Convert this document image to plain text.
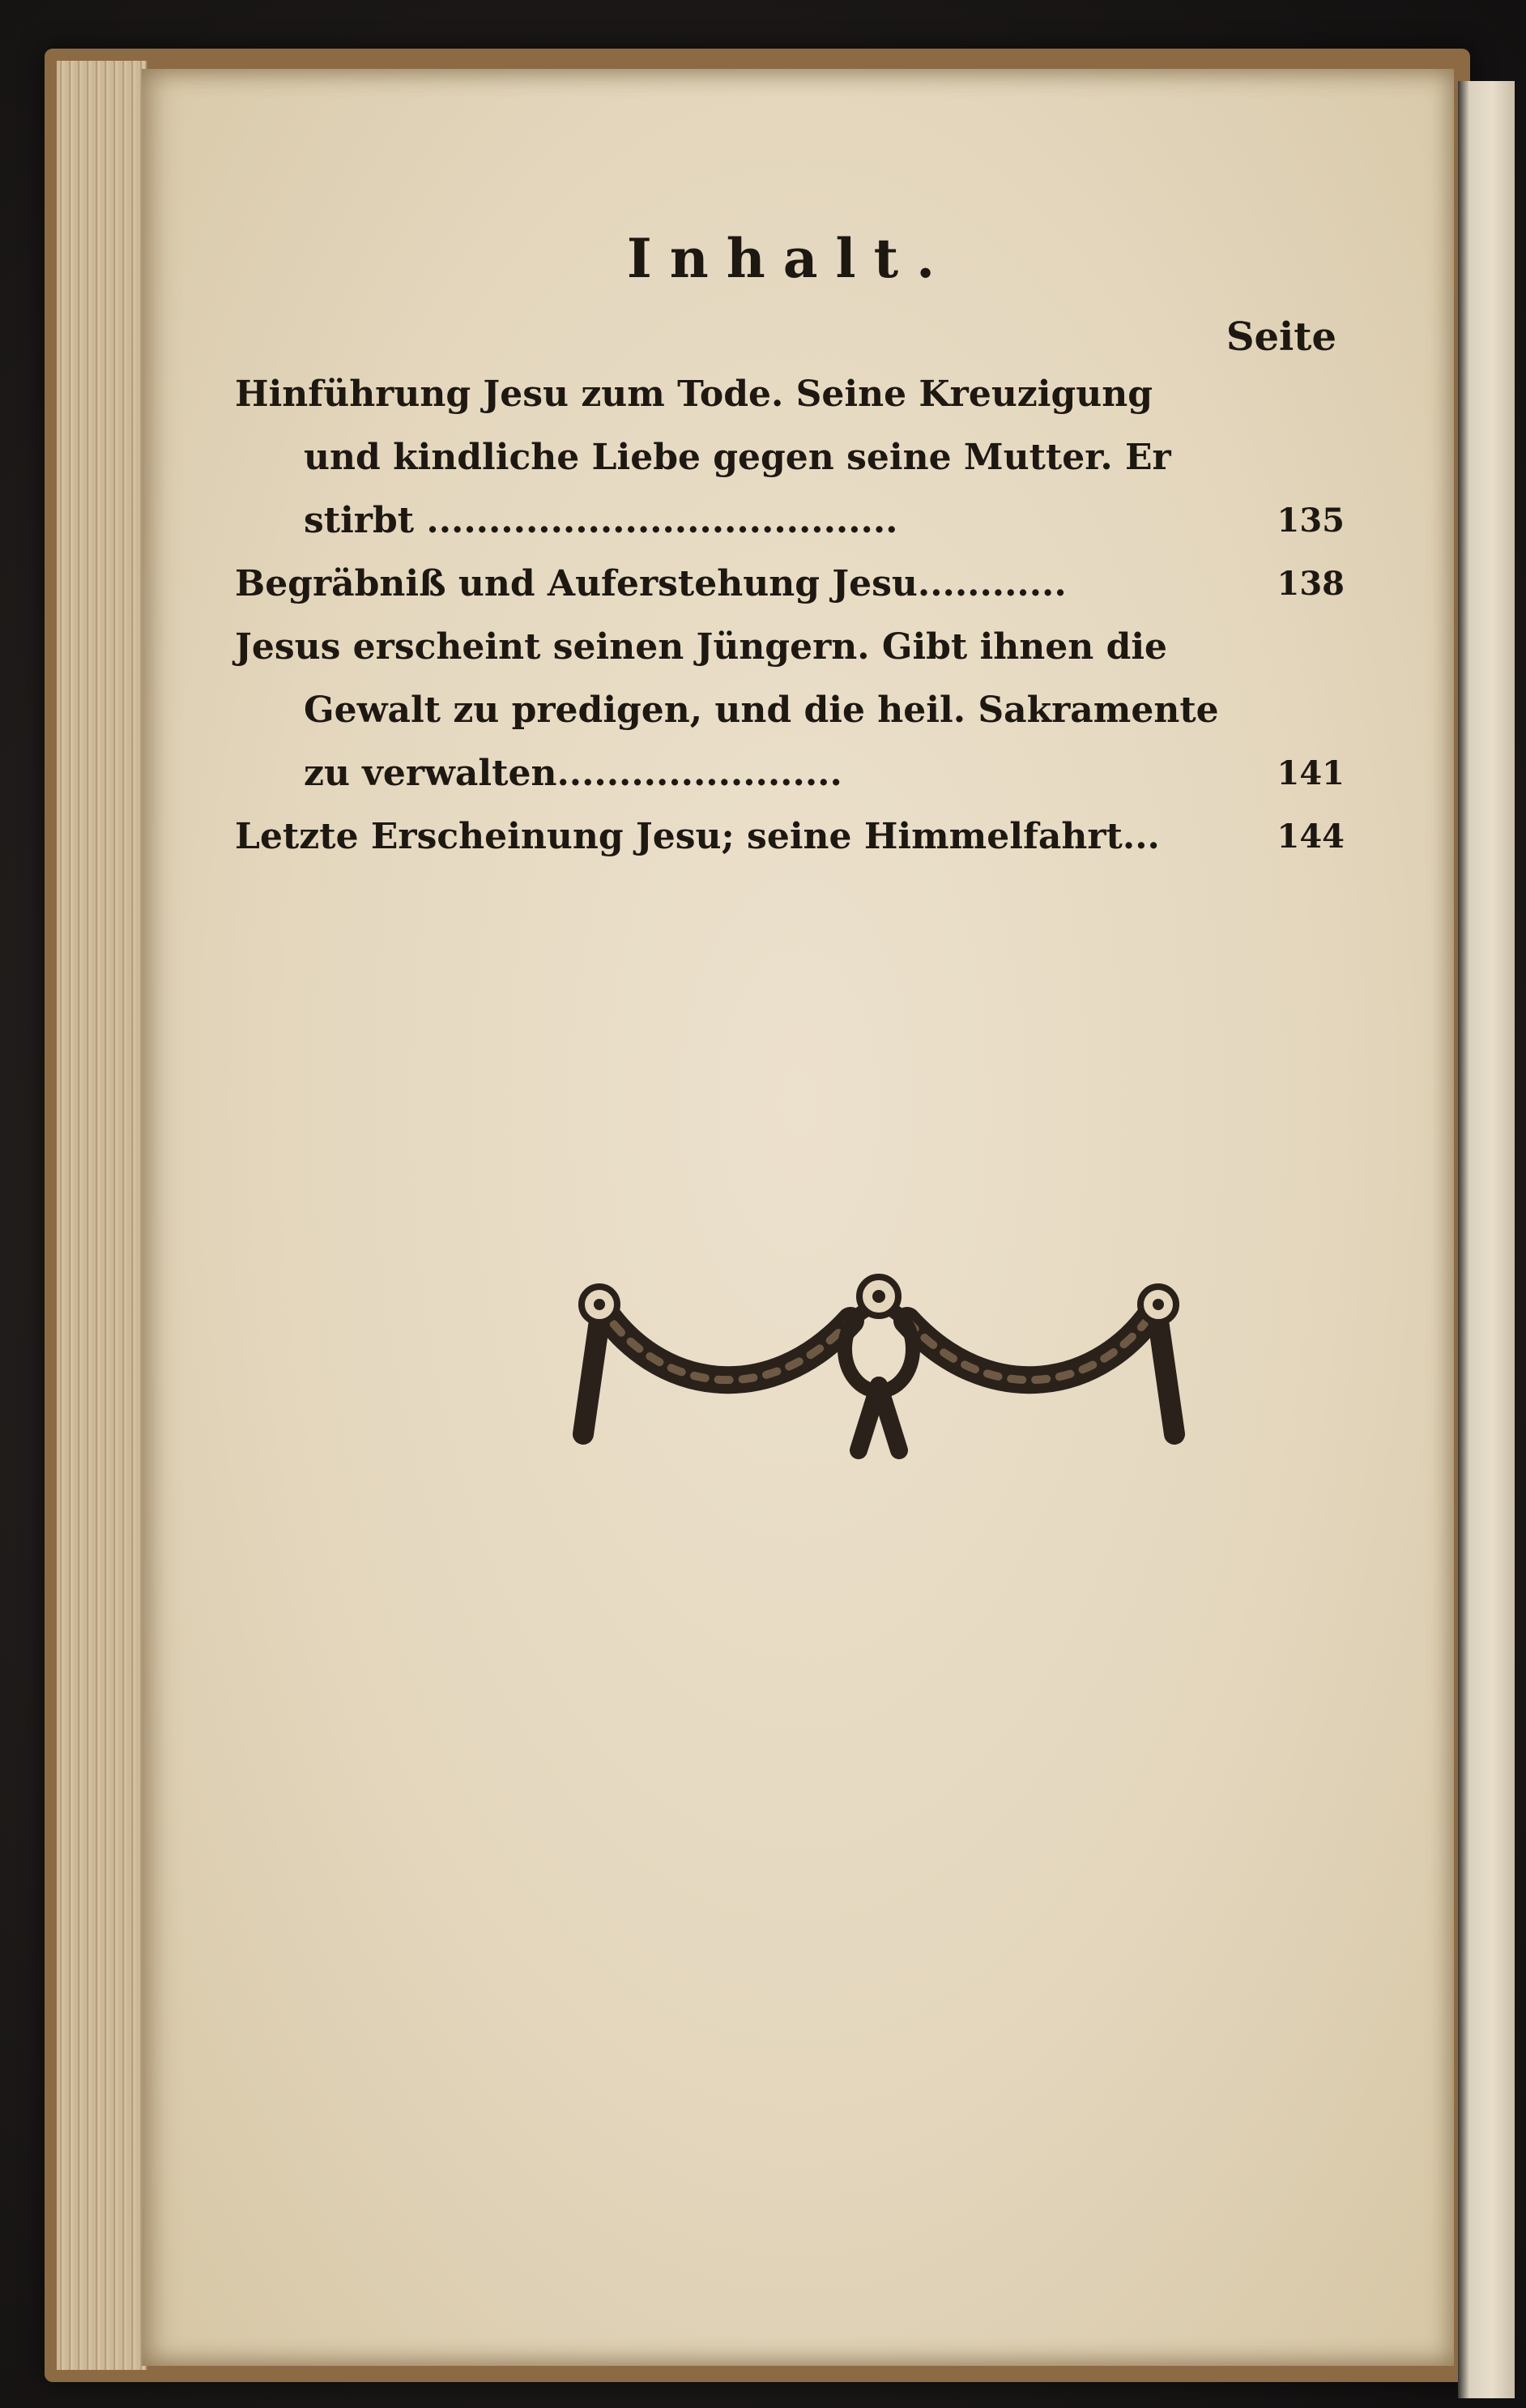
Inhalt.
Seite
Hinführung Jesu zum Tode. Seine Kreuzigung und kindliche Liebe gegen seine Mutter. Er stirbt ......................................	135
Begräbniß und Auferstehung Jesu............	138
Jesus erscheint seinen Jüngern. Gibt ihnen die Gewalt zu predigen, und die heil. Sakramente zu verwalten.......................	141
Letzte Erscheinung Jesu; seine Himmelfahrt...	144
